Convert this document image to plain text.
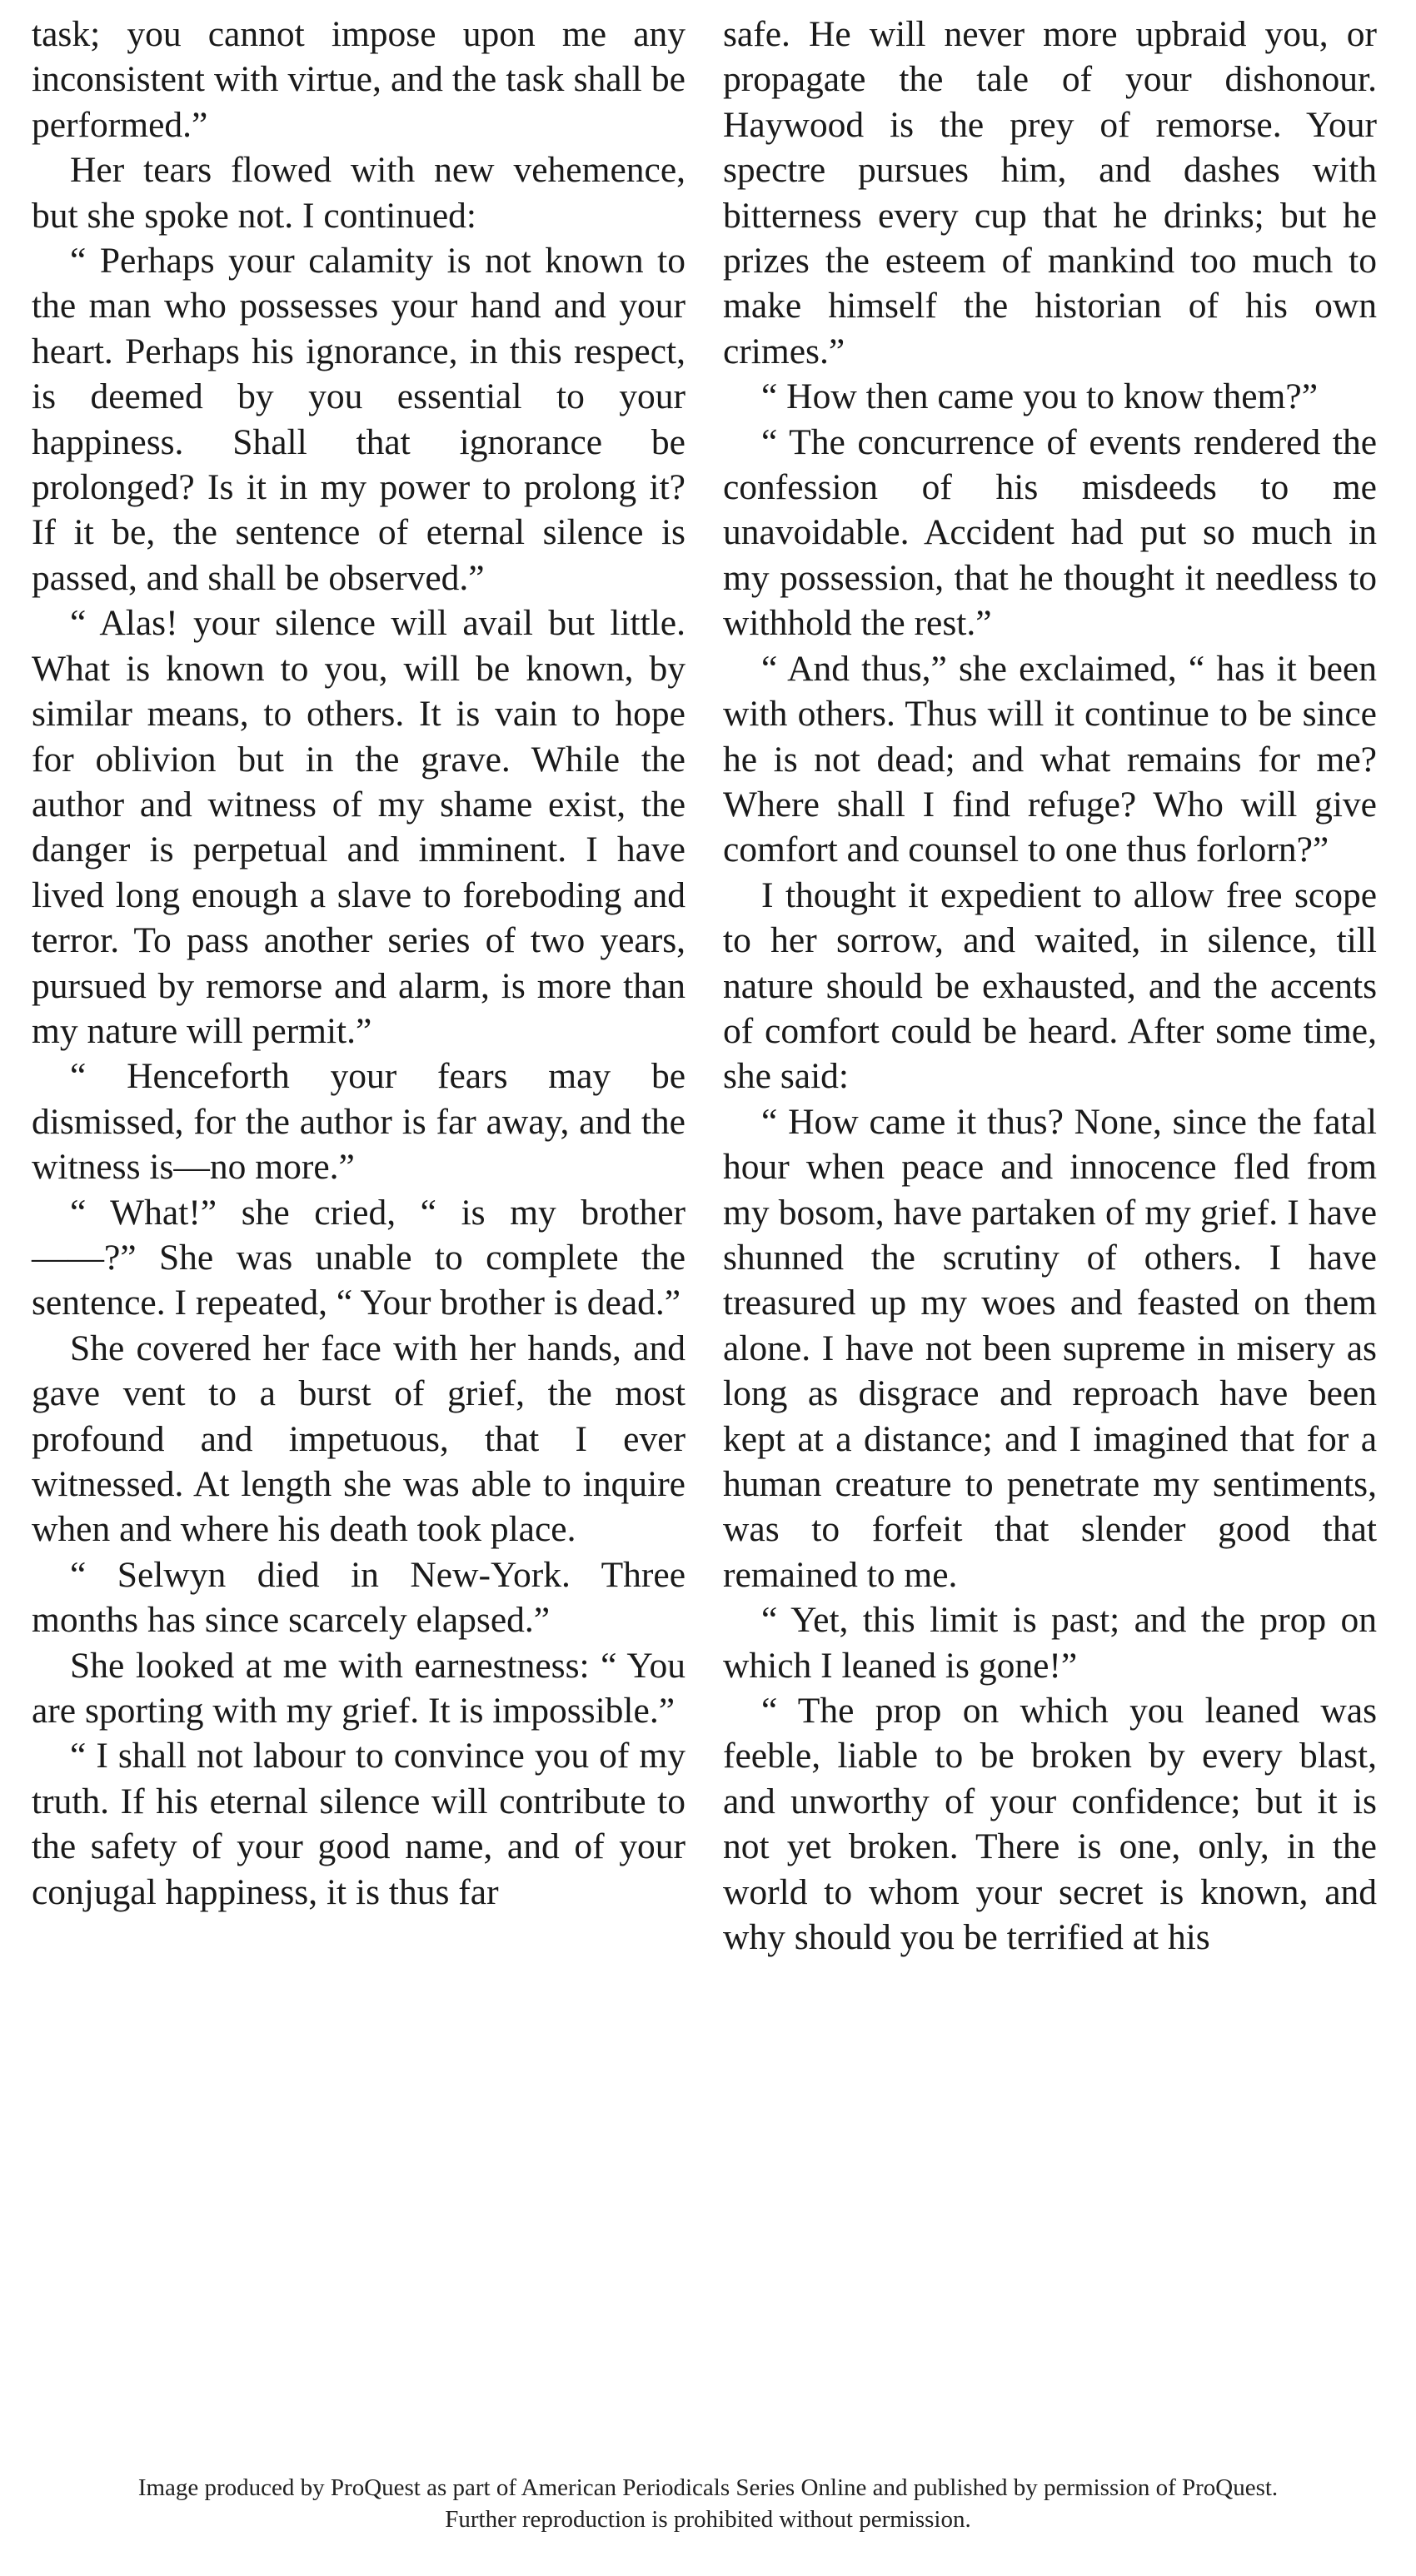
task; you cannot impose upon me any inconsistent with virtue, and the task shall be performed.”

Her tears flowed with new vehemence, but she spoke not. I continued:

“ Perhaps your calamity is not known to the man who possesses your hand and your heart. Perhaps his ignorance, in this respect, is deemed by you essential to your happiness. Shall that ignorance be prolonged? Is it in my power to prolong it? If it be, the sentence of eternal silence is passed, and shall be observed.”

“ Alas! your silence will avail but little. What is known to you, will be known, by similar means, to others. It is vain to hope for oblivion but in the grave. While the author and witness of my shame exist, the danger is perpetual and imminent. I have lived long enough a slave to foreboding and terror. To pass another series of two years, pursued by remorse and alarm, is more than my nature will permit.”

“ Henceforth your fears may be dismissed, for the author is far away, and the witness is—no more.”

“ What!” she cried, “ is my brother ——?” She was unable to complete the sentence. I repeated, “ Your brother is dead.”

She covered her face with her hands, and gave vent to a burst of grief, the most profound and impetuous, that I ever witnessed. At length she was able to inquire when and where his death took place.

“ Selwyn died in New-York. Three months has since scarcely elapsed.”

She looked at me with earnestness: “ You are sporting with my grief. It is impossible.”

“ I shall not labour to convince you of my truth. If his eternal silence will contribute to the safety of your good name, and of your conjugal happiness, it is thus far

safe. He will never more upbraid you, or propagate the tale of your dishonour. Haywood is the prey of remorse. Your spectre pursues him, and dashes with bitterness every cup that he drinks; but he prizes the esteem of mankind too much to make himself the historian of his own crimes.”

“ How then came you to know them?”

“ The concurrence of events rendered the confession of his misdeeds to me unavoidable. Accident had put so much in my possession, that he thought it needless to withhold the rest.”

“ And thus,” she exclaimed, “ has it been with others. Thus will it continue to be since he is not dead; and what remains for me? Where shall I find refuge? Who will give comfort and counsel to one thus forlorn?”

I thought it expedient to allow free scope to her sorrow, and waited, in silence, till nature should be exhausted, and the accents of comfort could be heard. After some time, she said:

“ How came it thus? None, since the fatal hour when peace and innocence fled from my bosom, have partaken of my grief. I have shunned the scrutiny of others. I have treasured up my woes and feasted on them alone. I have not been supreme in misery as long as disgrace and reproach have been kept at a distance; and I imagined that for a human creature to penetrate my sentiments, was to forfeit that slender good that remained to me.

“ Yet, this limit is past; and the prop on which I leaned is gone!”

“ The prop on which you leaned was feeble, liable to be broken by every blast, and unworthy of your confidence; but it is not yet broken. There is one, only, in the world to whom your secret is known, and why should you be terrified at his

Image produced by ProQuest as part of American Periodicals Series Online and published by permission of ProQuest.
Further reproduction is prohibited without permission.
